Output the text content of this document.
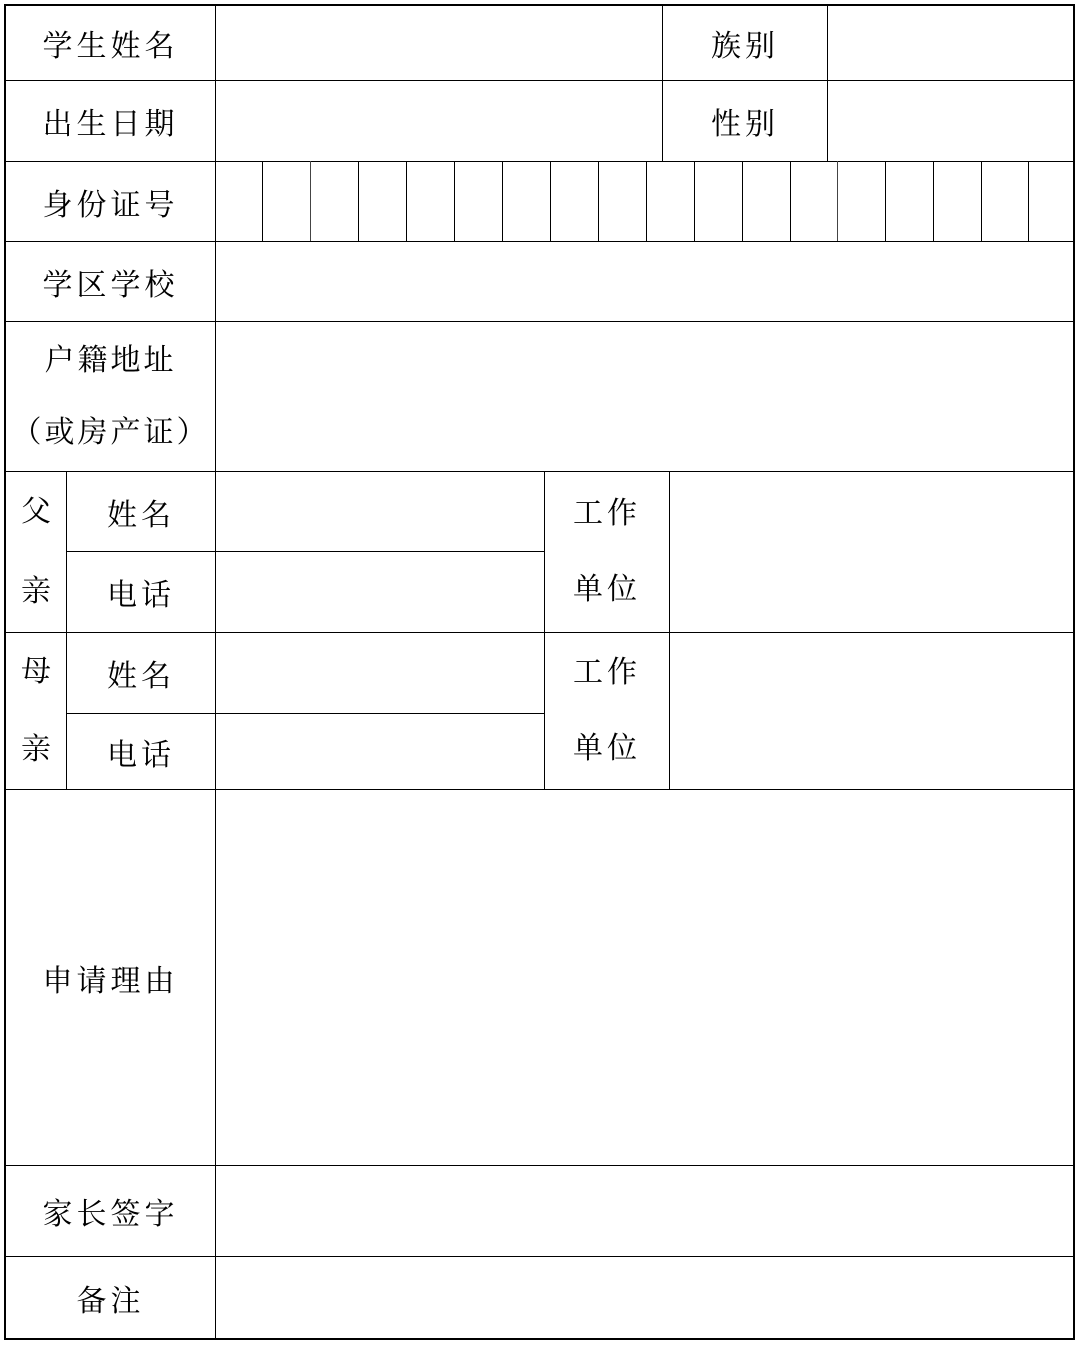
学生姓名	族别
出生日期	性别
身份证号
学区学校
户籍地址
（或房产证）
父
亲
姓名
电话
工作
单位
母
亲
姓名
电话
工作
单位
申请理由
家长签字
备注
